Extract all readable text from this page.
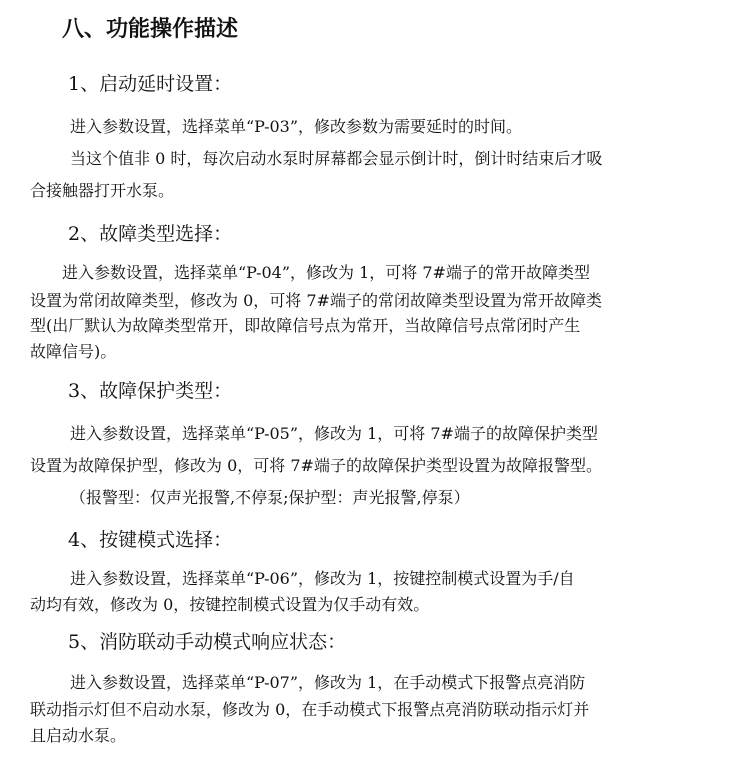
八、功能操作描述
1、启动延时设置：
进入参数设置，选择菜单“P-03”，修改参数为需要延时的时间。
当这个值非 0 时，每次启动水泵时屏幕都会显示倒计时，倒计时结束后才吸
合接触器打开水泵。
2、故障类型选择：
进入参数设置，选择菜单“P-04”，修改为 1，可将 7#端子的常开故障类型
设置为常闭故障类型，修改为 0，可将 7#端子的常闭故障类型设置为常开故障类
型(出厂默认为故障类型常开，即故障信号点为常开，当故障信号点常闭时产生
故障信号)。
3、故障保护类型：
进入参数设置，选择菜单“P-05”，修改为 1，可将 7#端子的故障保护类型
设置为故障保护型，修改为 0，可将 7#端子的故障保护类型设置为故障报警型。
（报警型：仅声光报警,不停泵;保护型：声光报警,停泵）
4、按键模式选择：
进入参数设置，选择菜单“P-06”，修改为 1，按键控制模式设置为手/自
动均有效，修改为 0，按键控制模式设置为仅手动有效。
5、消防联动手动模式响应状态：
进入参数设置，选择菜单“P-07”，修改为 1，在手动模式下报警点亮消防
联动指示灯但不启动水泵，修改为 0，在手动模式下报警点亮消防联动指示灯并
且启动水泵。
